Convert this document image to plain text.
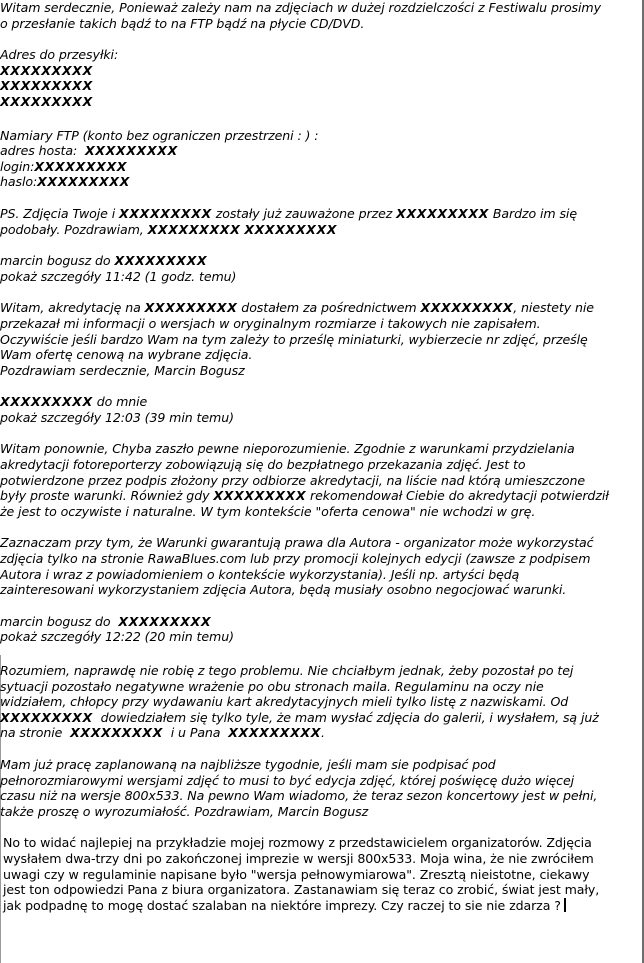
Witam serdecznie, Ponieważ zależy nam na zdjęciach w dużej rozdzielczości z Festiwalu prosimy
o przesłanie takich bądź to na FTP bądź na płycie CD/DVD.
Adres do przesyłki:
XXXXXXXXX
XXXXXXXXX
XXXXXXXXX
Namiary FTP (konto bez ograniczen przestrzeni : ) :
adres hosta: XXXXXXXXX
login:XXXXXXXXX
haslo:XXXXXXXXX
PS. Zdjęcia Twoje i XXXXXXXXX zostały już zauważone przez XXXXXXXXX Bardzo im się
podobały. Pozdrawiam, XXXXXXXXX XXXXXXXXX
marcin bogusz do XXXXXXXXX
pokaż szczegóły 11:42 (1 godz. temu)
Witam, akredytację na XXXXXXXXX dostałem za pośrednictwem XXXXXXXXX, niestety nie
przekazał mi informacji o wersjach w oryginalnym rozmiarze i takowych nie zapisałem.
Oczywiście jeśli bardzo Wam na tym zależy to prześlę miniaturki, wybierzecie nr zdjęć, prześlę
Wam ofertę cenową na wybrane zdjęcia.
Pozdrawiam serdecznie, Marcin Bogusz
XXXXXXXXX do mnie
pokaż szczegóły 12:03 (39 min temu)
Witam ponownie, Chyba zaszło pewne nieporozumienie. Zgodnie z warunkami przydzielania
akredytacji fotoreporterzy zobowiązują się do bezpłatnego przekazania zdjęć. Jest to
potwierdzone przez podpis złożony przy odbiorze akredytacji, na liście nad którą umieszczone
były proste warunki. Również gdy XXXXXXXXX rekomendował Ciebie do akredytacji potwierdził
że jest to oczywiste i naturalne. W tym kontekście "oferta cenowa" nie wchodzi w grę.
Zaznaczam przy tym, że Warunki gwarantują prawa dla Autora - organizator może wykorzystać
zdjęcia tylko na stronie RawaBlues.com lub przy promocji kolejnych edycji (zawsze z podpisem
Autora i wraz z powiadomieniem o kontekście wykorzystania). Jeśli np. artyści będą
zainteresowani wykorzystaniem zdjęcia Autora, będą musiały osobno negocjować warunki.
marcin bogusz do  XXXXXXXXX
pokaż szczegóły 12:22 (20 min temu)
Rozumiem, naprawdę nie robię z tego problemu. Nie chciałbym jednak, żeby pozostał po tej
sytuacji pozostało negatywne wrażenie po obu stronach maila. Regulaminu na oczy nie
widziałem, chłopcy przy wydawaniu kart akredytacyjnych mieli tylko listę z nazwiskami. Od
XXXXXXXXX  dowiedziałem się tylko tyle, że mam wysłać zdjęcia do galerii, i wysłałem, są już
na stronie  XXXXXXXXX  i u Pana  XXXXXXXXX.
Mam już pracę zaplanowaną na najbliższe tygodnie, jeśli mam sie podpisać pod
pełnorozmiarowymi wersjami zdjęć to musi to być edycja zdjęć, której poświęcę dużo więcej
czasu niż na wersje 800x533. Na pewno Wam wiadomo, że teraz sezon koncertowy jest w pełni,
także proszę o wyrozumiałość. Pozdrawiam, Marcin Bogusz
No to widać najlepiej na przykładzie mojej rozmowy z przedstawicielem organizatorów. Zdjęcia
wysłałem dwa-trzy dni po zakończonej imprezie w wersji 800x533. Moja wina, że nie zwróciłem
uwagi czy w regulaminie napisane było "wersja pełnowymiarowa". Zresztą nieistotne, ciekawy
jest ton odpowiedzi Pana z biura organizatora. Zastanawiam się teraz co zrobić, świat jest mały,
jak podpadnę to mogę dostać szalaban na niektóre imprezy. Czy raczej to sie nie zdarza ?
